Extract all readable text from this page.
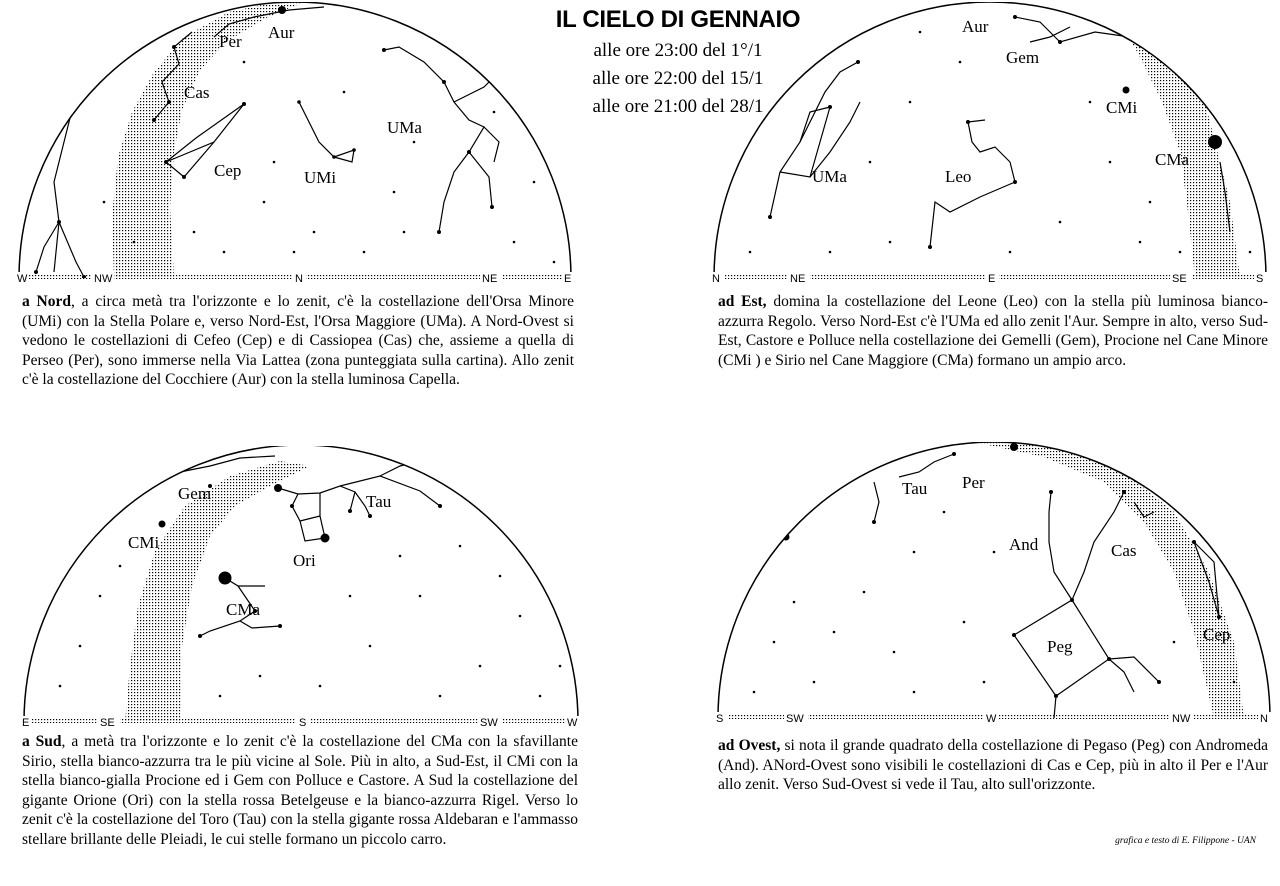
IL CIELO DI GENNAIO
alle ore 23:00 del 1°/1
alle ore 22:00 del 15/1
alle ore 21:00 del 28/1
Per Aur
Cas
Cep	UMi
UMa
W	NW	N	NE	E
Aur
Gem
CMi
CMa
UMa	Leo
N	NE	E	SE	S
Gem	Tau
CMi
Ori
CMa
E	SE	S	SW	W
Tau Per
And	Cas
Cep
Peg
S	SW	W	NW	N

a Nord, a circa metà tra l'orizzonte e lo zenit, c'è la costellazione dell'Orsa Minore (UMi) con la Stella Polare e, verso Nord-Est, l'Orsa Maggiore (UMa). A Nord-Ovest si vedono le costellazioni di Cefeo (Cep) e di Cassiopea (Cas) che, assieme a quella di Perseo (Per), sono immerse nella Via Lattea (zona punteggiata sulla cartina). Allo zenit c'è la costellazione del Cocchiere (Aur) con la stella luminosa Capella.

ad Est, domina la costellazione del Leone (Leo) con la stella più luminosa bianco-azzurra Regolo. Verso Nord-Est c'è l'UMa ed allo zenit l'Aur. Sempre in alto, verso Sud-Est, Castore e Polluce nella costellazione dei Gemelli (Gem), Procione nel Cane Minore (CMi ) e Sirio nel Cane Maggiore (CMa) formano un ampio arco.

a Sud, a metà tra l'orizzonte e lo zenit c'è la costellazione del CMa con la sfavillante Sirio, stella bianco-azzurra tra le più vicine al Sole. Più in alto, a Sud-Est, il CMi con la stella bianco-gialla Procione ed i Gem con Polluce e Castore. A Sud la costellazione del gigante Orione (Ori) con la stella rossa Betelgeuse e la bianco-azzurra Rigel. Verso lo zenit c'è la costellazione del Toro (Tau) con la stella gigante rossa Aldebaran e l'ammasso stellare brillante delle Pleiadi, le cui stelle formano un piccolo carro.

ad Ovest, si nota il grande quadrato della costellazione di Pegaso (Peg) con Andromeda (And). ANord-Ovest sono visibili le costellazioni di Cas e Cep, più in alto il Per e l'Aur allo zenit. Verso Sud-Ovest si vede il Tau, alto sull'orizzonte.

grafica e testo di E. Filippone - UAN
